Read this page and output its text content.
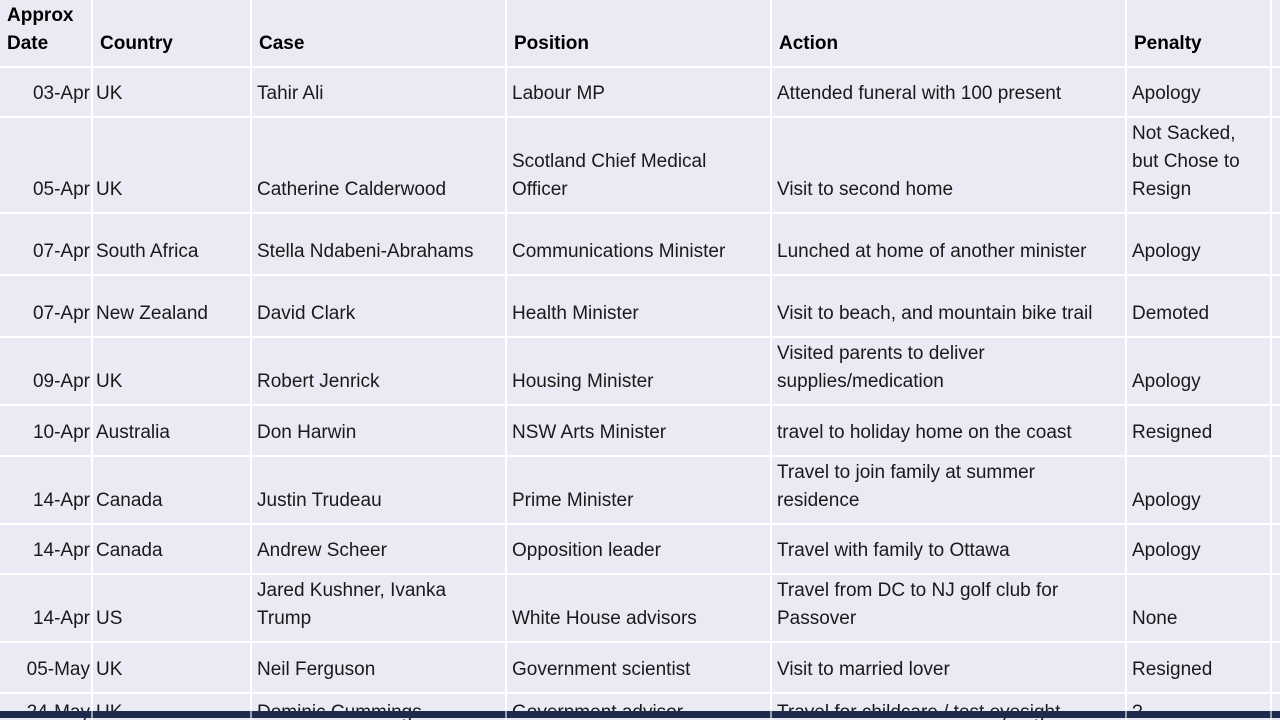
Approx Date	Country	Case	Position	Action	Penalty	
03-Apr	UK	Tahir Ali	Labour MP	Attended funeral with 100 present	Apology	
05-Apr	UK	Catherine Calderwood	Scotland Chief Medical Officer	Visit to second home	Not Sacked, but Chose to Resign	
07-Apr	South Africa	Stella Ndabeni-Abrahams	Communications Minister	Lunched at home of another minister	Apology	
07-Apr	New Zealand	David Clark	Health Minister	Visit to beach, and mountain bike trail	Demoted	
09-Apr	UK	Robert Jenrick	Housing Minister	Visited parents to deliver supplies/medication	Apology	
10-Apr	Australia	Don Harwin	NSW Arts Minister	travel to holiday home on the coast	Resigned	
14-Apr	Canada	Justin Trudeau	Prime Minister	Travel to join family at summer residence	Apology	
14-Apr	Canada	Andrew Scheer	Opposition leader	Travel with family to Ottawa	Apology	
14-Apr	US	Jared Kushner, Ivanka Trump	White House advisors	Travel from DC to NJ golf club for Passover	None	
05-May	UK	Neil Ferguson	Government scientist	Visit to married lover	Resigned	
